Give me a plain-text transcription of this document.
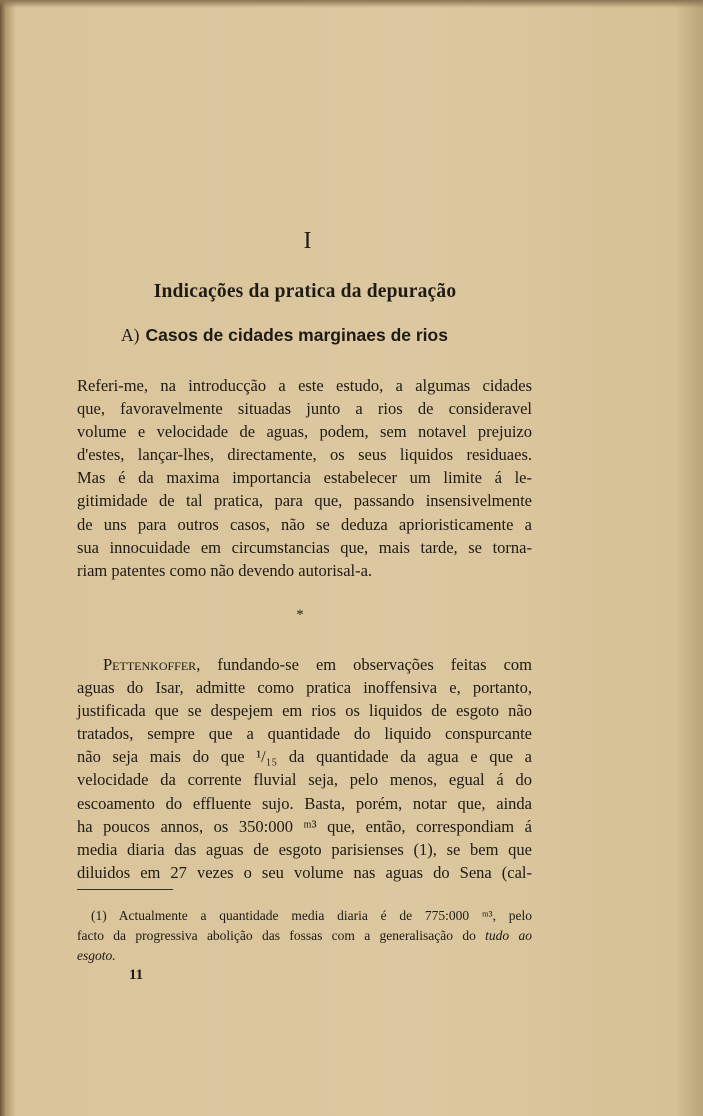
I
Indicações da pratica da depuração
A) Casos de cidades marginaes de rios
Referi-me, na introducção a este estudo, a algumas cidades
que, favoravelmente situadas junto a rios de consideravel
volume e velocidade de aguas, podem, sem notavel prejuizo
d'estes, lançar-lhes, directamente, os seus liquidos residuaes.
Mas é da maxima importancia estabelecer um limite á le-
gitimidade de tal pratica, para que, passando insensivelmente
de uns para outros casos, não se deduza aprioristicamente a
sua innocuidade em circumstancias que, mais tarde, se torna-
riam patentes como não devendo autorisal-a.
*
Pettenkoffer, fundando-se em observações feitas com
aguas do Isar, admitte como pratica inoffensiva e, portanto,
justificada que se despejem em rios os liquidos de esgoto não
tratados, sempre que a quantidade do liquido conspurcante
não seja mais do que ¹/₁₅ da quantidade da agua e que a
velocidade da corrente fluvial seja, pelo menos, egual á do
escoamento do effluente sujo. Basta, porém, notar que, ainda
ha poucos annos, os 350:000 ᵐ³ que, então, correspondiam á
media diaria das aguas de esgoto parisienses (1), se bem que
diluidos em 27 vezes o seu volume nas aguas do Sena (cal-
(1) Actualmente a quantidade media diaria é de 775:000 ᵐ³, pelo
facto da progressiva abolição das fossas com a generalisação do tudo ao
esgoto.
11
